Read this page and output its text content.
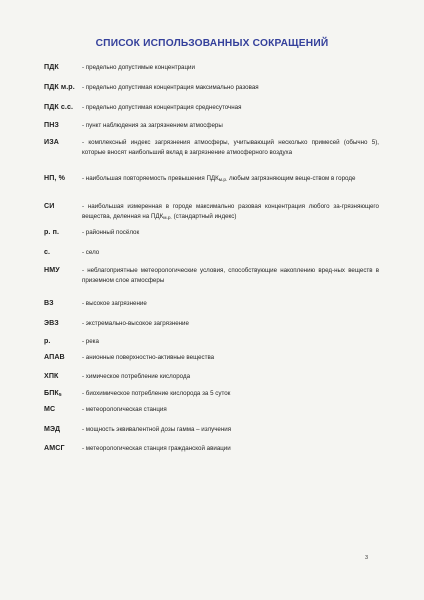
СПИСОК ИСПОЛЬЗОВАННЫХ СОКРАЩЕНИЙ
ПДК	- предельно допустимые концентрации
ПДК м.р.	- предельно допустимая концентрация максимально разовая
ПДК с.с.	- предельно допустимая концентрация среднесуточная
ПНЗ	- пункт наблюдения за загрязнением атмосферы
ИЗА	- комплексный индекс загрязнения атмосферы, учитывающий несколько примесей (обычно 5), которые вносят наибольший вклад в загрязнение атмосферного воздуха
НП, %	- наибольшая повторяемость превышения $ПДК_{м.р.}$ любым загрязняющим веще-ством в городе
СИ	- наибольшая измеренная в городе максимально разовая концентрация любого за-грязняющего вещества, деленная на $ПДК_{м.р.}$ (стандартный индекс)
р. п.	- районный посёлок
с.	- село
НМУ	- неблагоприятные метеорологические условия, способствующие накоплению вред-ных веществ в приземном слое атмосферы
ВЗ	- высокое загрязнение
ЭВЗ	- экстремально-высокое загрязнение
р.	- река
АПАВ	- анионные поверхностно-активные вещества
ХПК	- химическое потребление кислорода
$БПК_5$	- биохимическое потребление кислорода за 5 суток
МС	- метеорологическая станция
МЭД	- мощность эквивалентной дозы гамма – излучения
АМСГ	- метеорологическая станция гражданской авиации
3
